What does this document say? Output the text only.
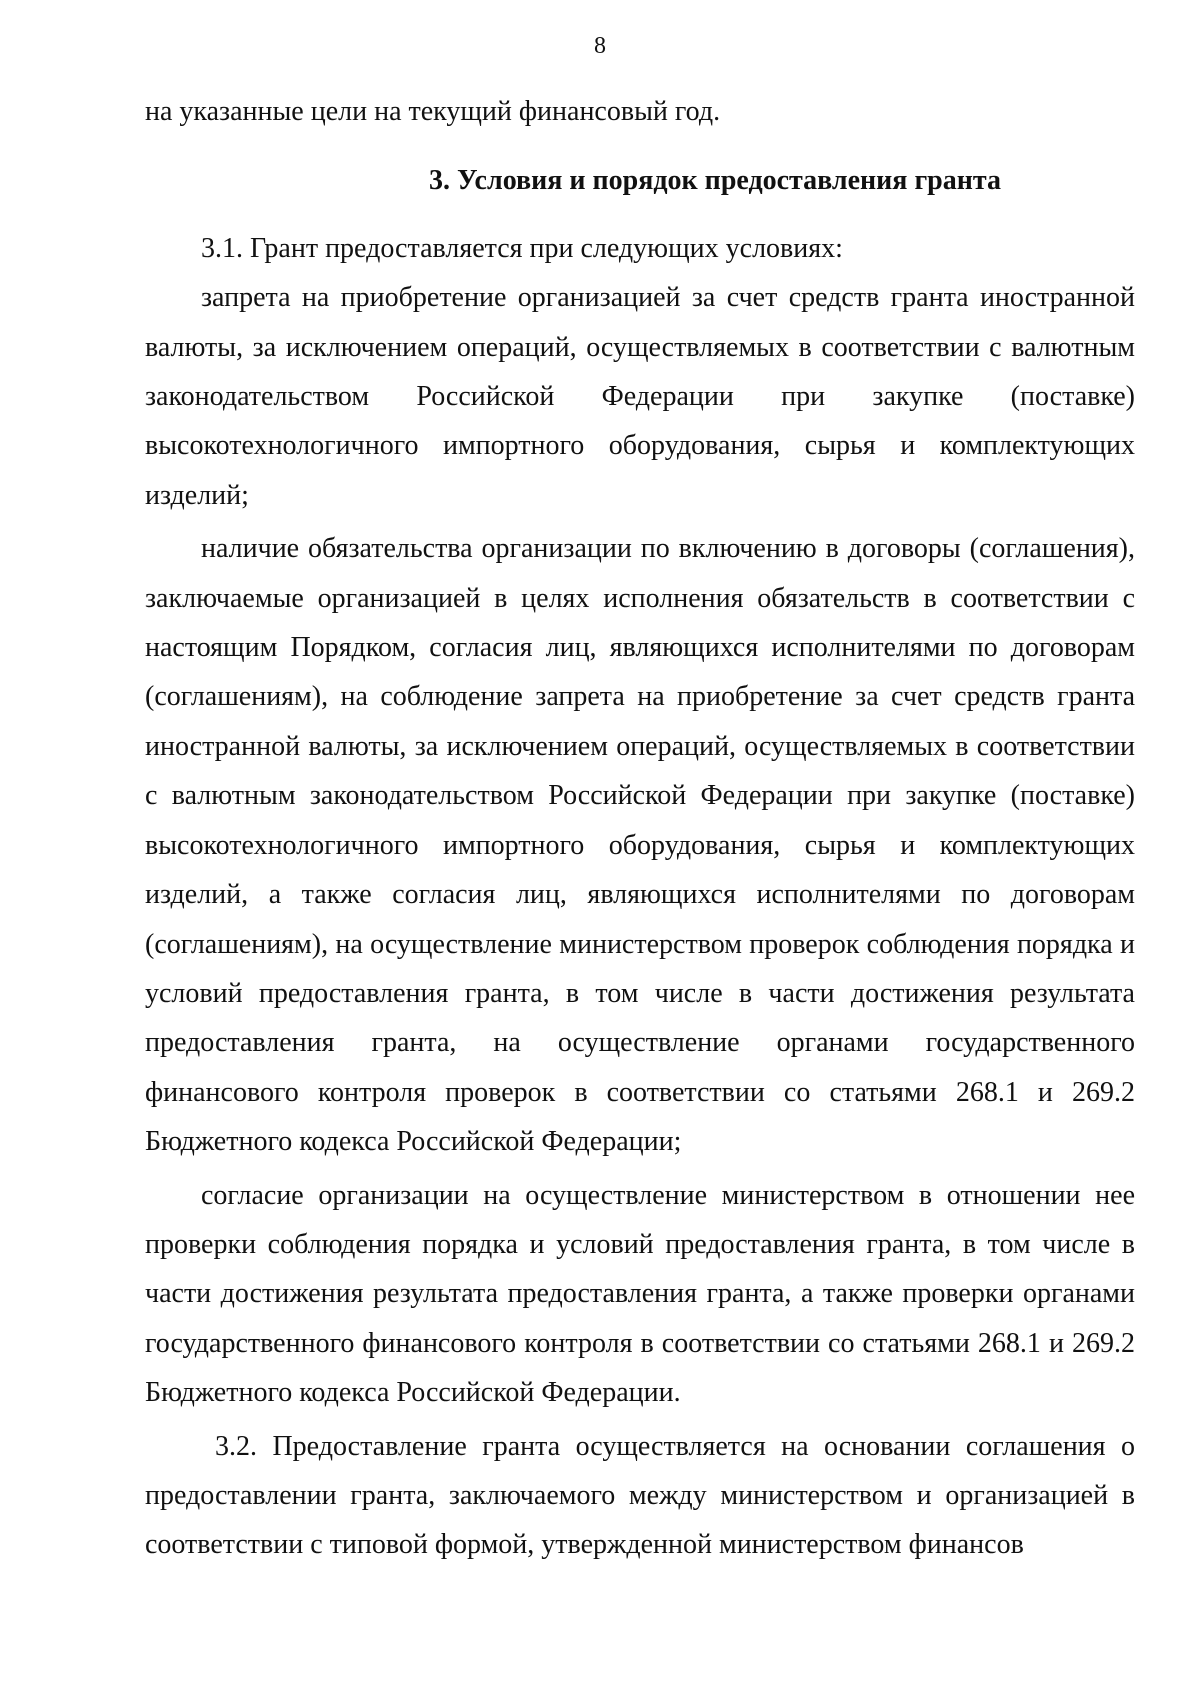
8

на указанные цели на текущий финансовый год.

3. Условия и порядок предоставления гранта

3.1. Грант предоставляется при следующих условиях:

запрета на приобретение организацией за счет средств гранта иностранной валюты, за исключением операций, осуществляемых в соответствии с валютным законодательством Российской Федерации при закупке (поставке) высокотехнологичного импортного оборудования, сырья и комплектующих изделий;

наличие обязательства организации по включению в договоры (соглашения), заключаемые организацией в целях исполнения обязательств в соответствии с настоящим Порядком, согласия лиц, являющихся исполнителями по договорам (соглашениям), на соблюдение запрета на приобретение за счет средств гранта иностранной валюты, за исключением операций, осуществляемых в соответствии с валютным законодательством Российской Федерации при закупке (поставке) высокотехнологичного импортного оборудования, сырья и комплектующих изделий, а также согласия лиц, являющихся исполнителями по договорам (соглашениям), на осуществление министерством проверок соблюдения порядка и условий предоставления гранта, в том числе в части достижения результата предоставления гранта, на осуществление органами государственного финансового контроля проверок в соответствии со статьями 268.1 и 269.2 Бюджетного кодекса Российской Федерации;

согласие организации на осуществление министерством в отношении нее проверки соблюдения порядка и условий предоставления гранта, в том числе в части достижения результата предоставления гранта, а также проверки органами государственного финансового контроля в соответствии со статьями 268.1 и 269.2 Бюджетного кодекса Российской Федерации.

3.2. Предоставление гранта осуществляется на основании соглашения о предоставлении гранта, заключаемого между министерством и организацией в соответствии с типовой формой, утвержденной министерством финансов
